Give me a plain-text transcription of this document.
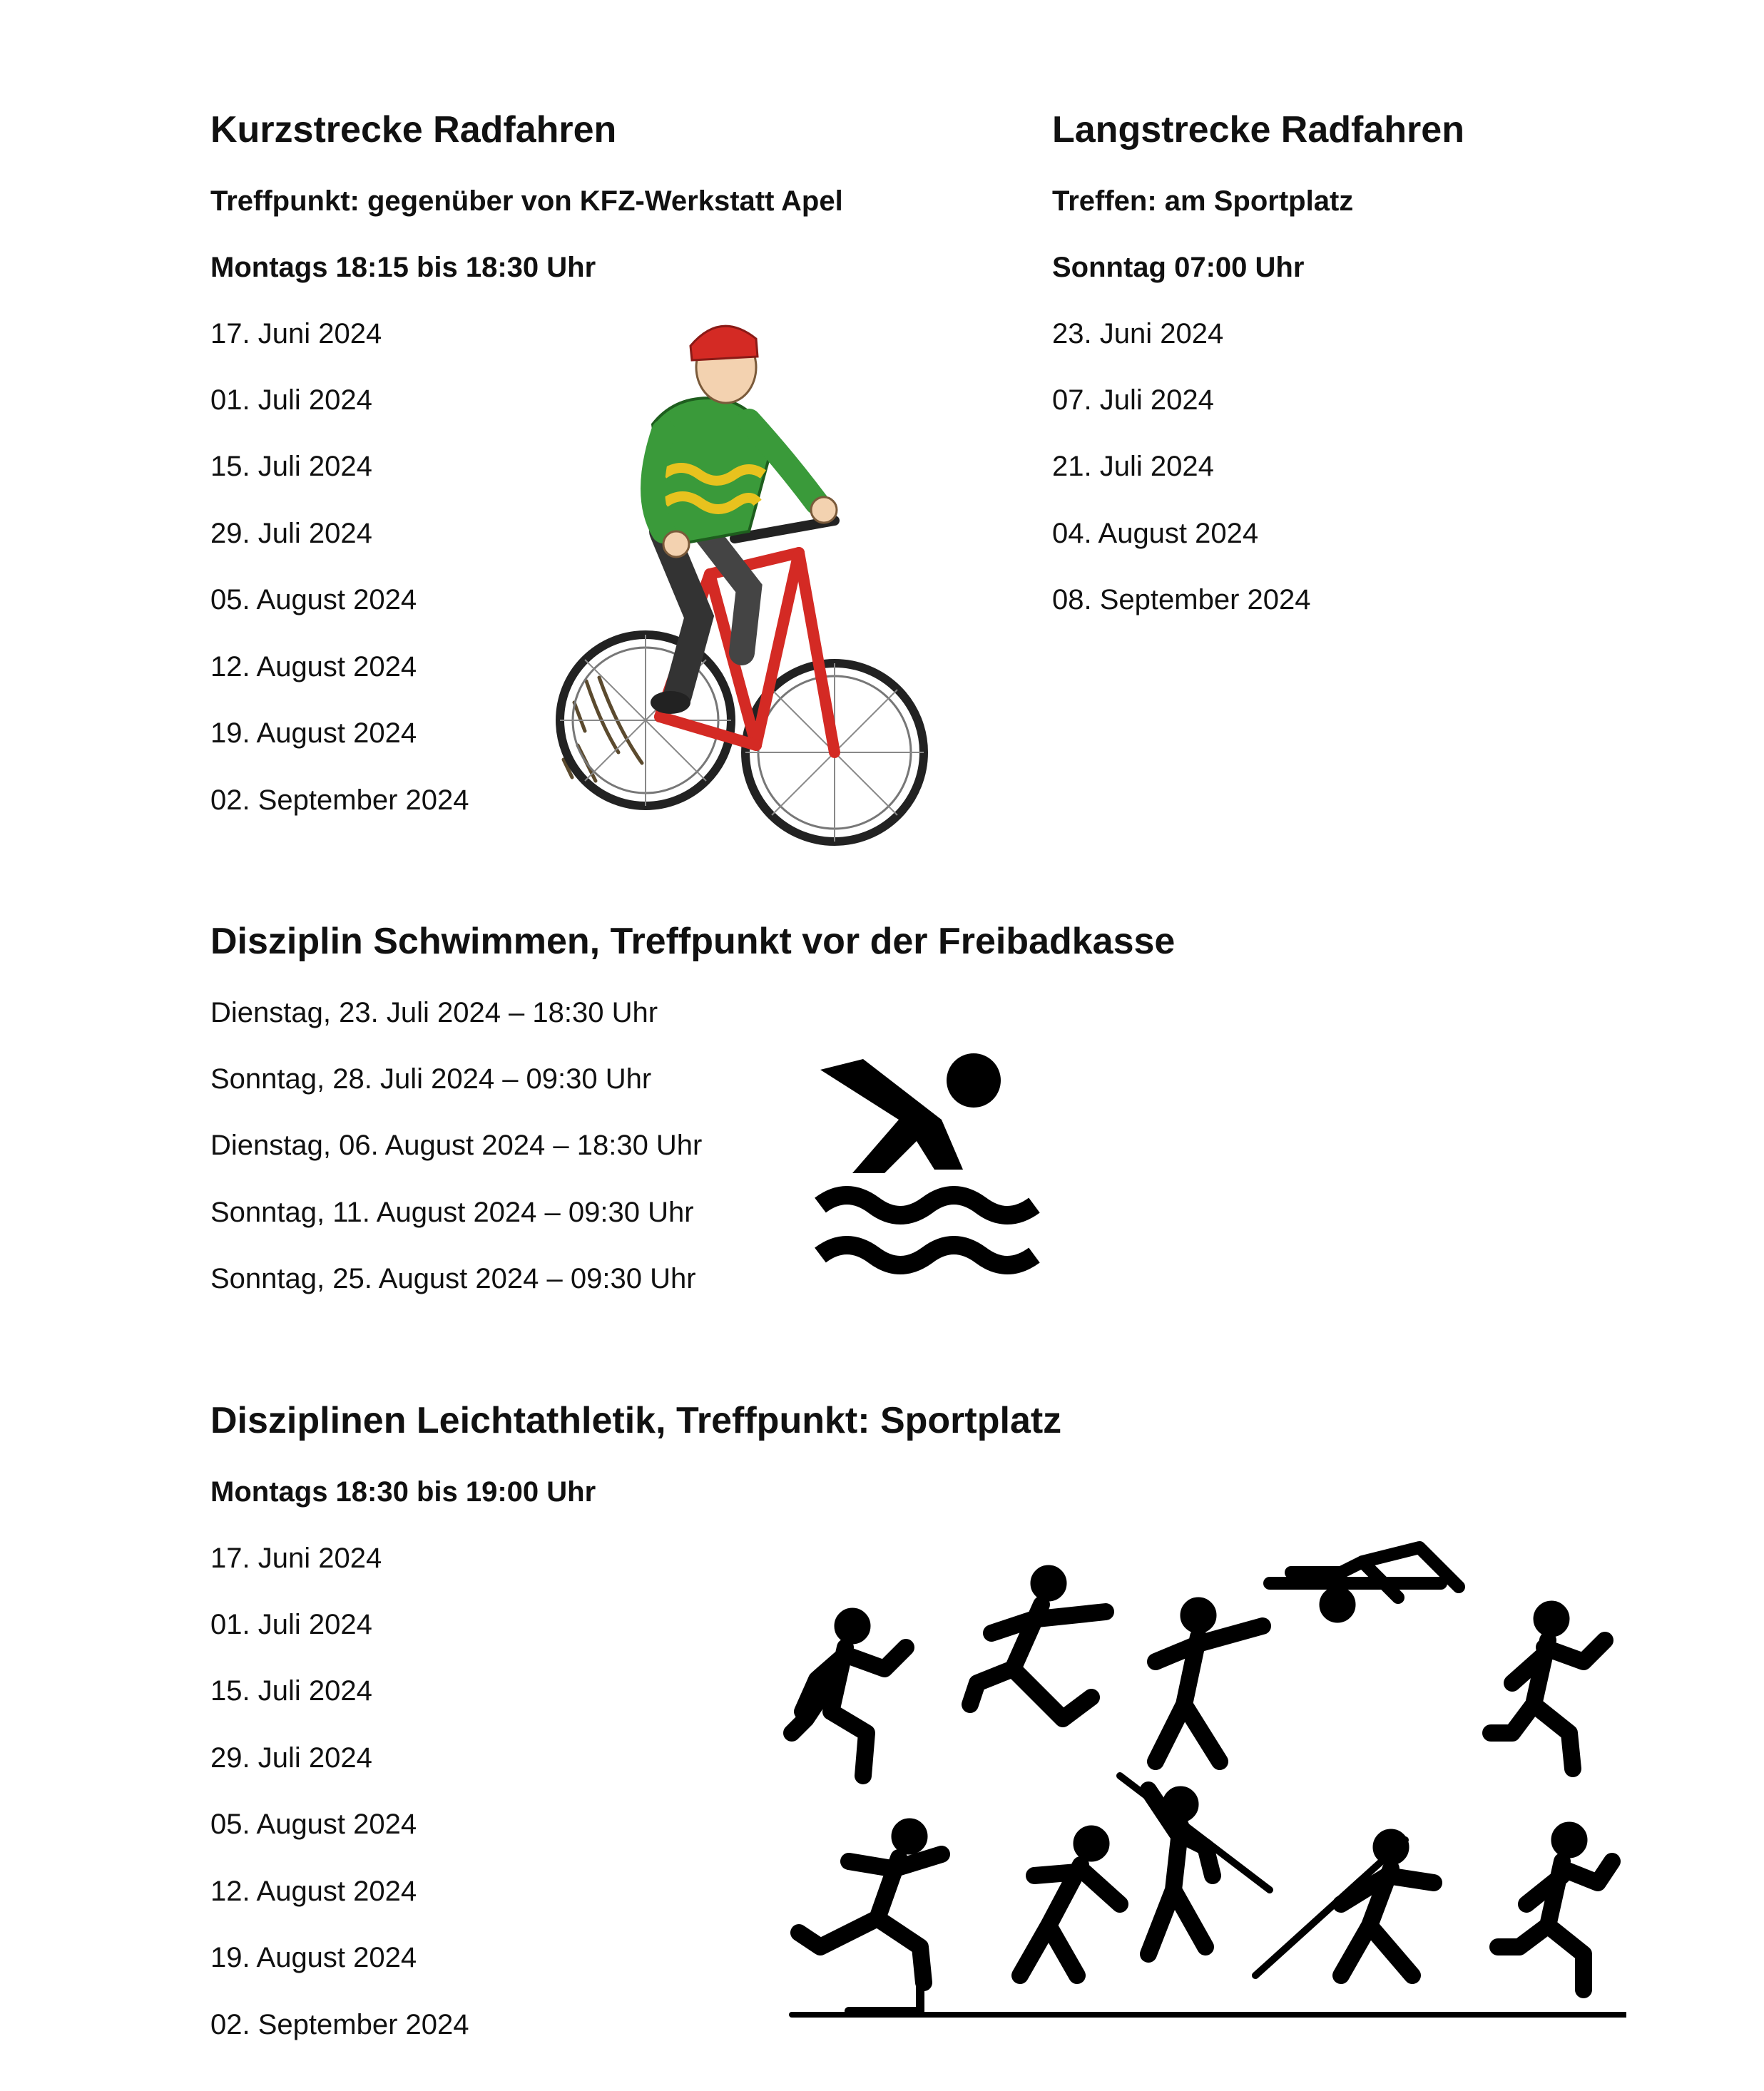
Kurzstrecke Radfahren
Treffpunkt: gegenüber von KFZ-Werkstatt Apel
Montags 18:15 bis 18:30 Uhr
17. Juni 2024
01. Juli 2024
15. Juli 2024
29. Juli 2024
05. August 2024
12. August 2024
19. August 2024
02. September 2024
Langstrecke Radfahren
Treffen: am Sportplatz
Sonntag 07:00 Uhr
23. Juni 2024
07. Juli 2024
21. Juli 2024
04. August 2024
08. September 2024
Disziplin Schwimmen, Treffpunkt vor der Freibadkasse
Dienstag, 23. Juli 2024 – 18:30 Uhr
Sonntag, 28. Juli 2024 – 09:30 Uhr
Dienstag, 06. August 2024 – 18:30 Uhr
Sonntag, 11. August 2024 – 09:30 Uhr
Sonntag, 25. August 2024 – 09:30 Uhr
Disziplinen Leichtathletik, Treffpunkt: Sportplatz
Montags 18:30 bis 19:00 Uhr
17. Juni 2024
01. Juli 2024
15. Juli 2024
29. Juli 2024
05. August 2024
12. August 2024
19. August 2024
02. September 2024
